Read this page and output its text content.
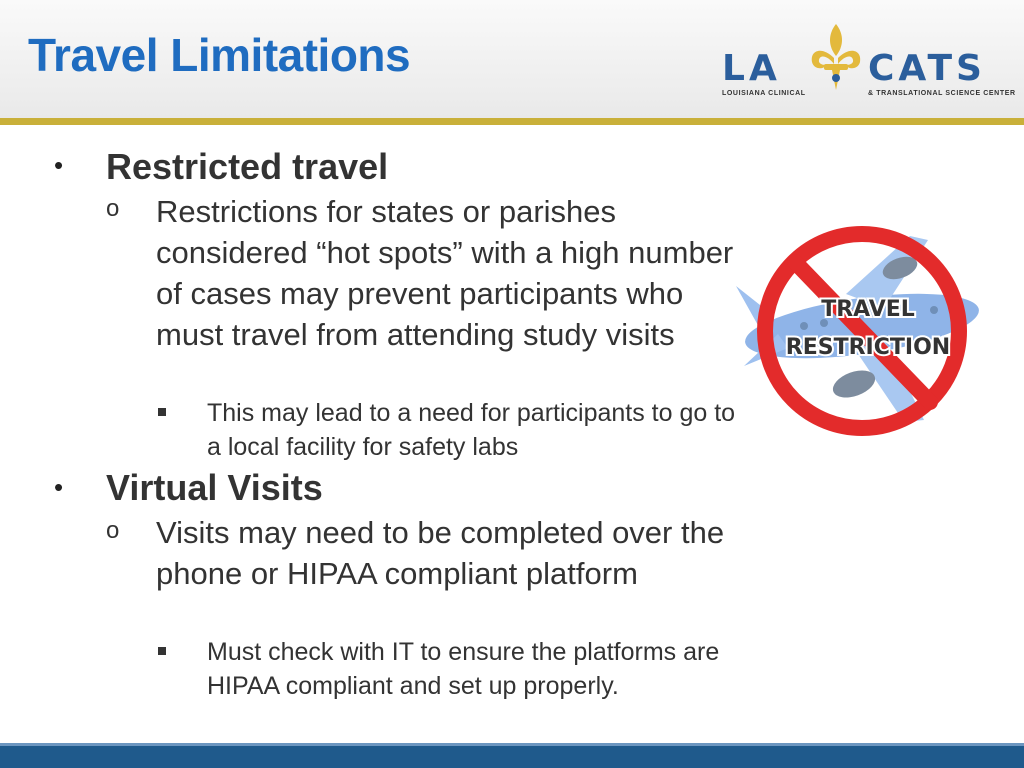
Travel Limitations	LA CATS
LOUISIANA CLINICAL	& TRANSLATIONAL SCIENCE CENTER
• Restricted travel
o Restrictions for states or parishes considered “hot spots” with a high number of cases may prevent participants who must travel from attending study visits
This may lead to a need for participants to go to a local facility for safety labs
• Virtual Visits
o Visits may need to be completed over the phone or HIPAA compliant platform
Must check with IT to ensure the platforms are HIPAA compliant and set up properly.
TRAVEL
RESTRICTION
